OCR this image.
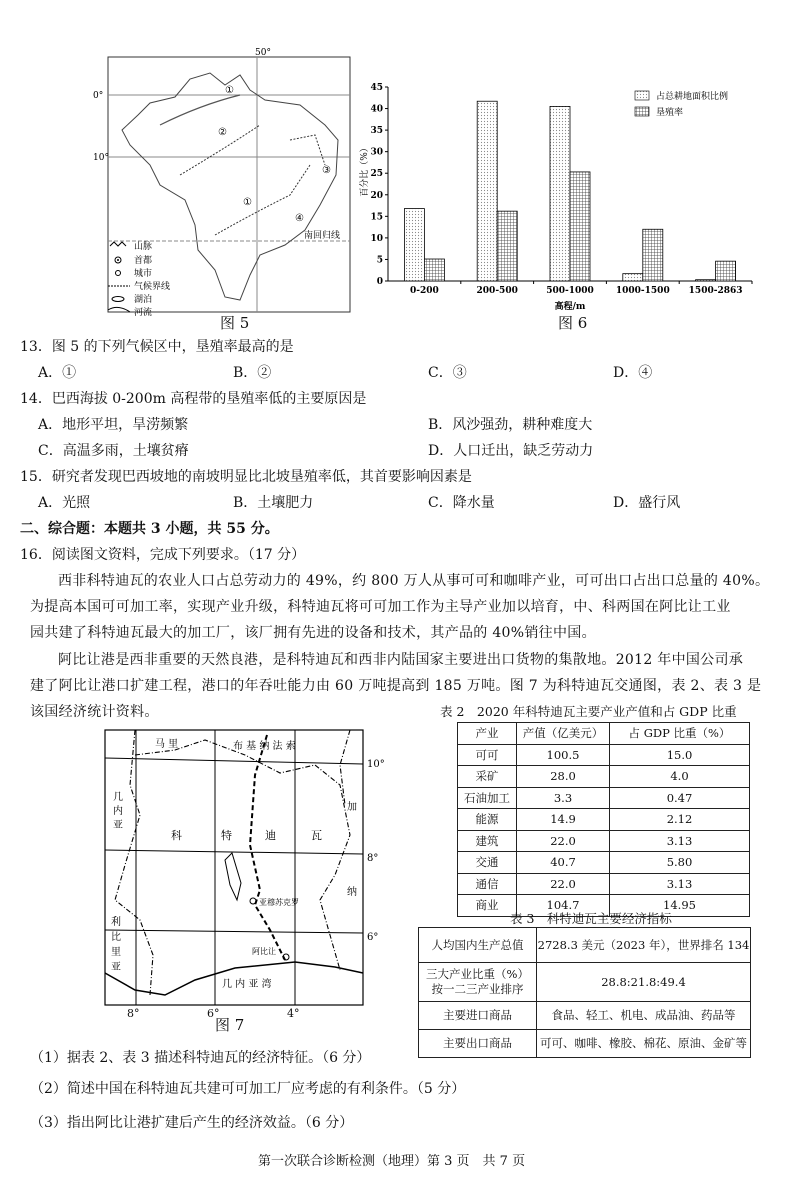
50°
0°
10°
南回归线
①
②
③
①
④
山脉
首都
城市
气候界线
湖泊
河流
图 5
0
5
10
15
20
25
30
35
40
45
0-200	200-500	500-1000 1000-1500 1500-2863
百分比（%）
高程/m
占总耕地面积比例
垦殖率
图 6
13．图 5 的下列气候区中，垦殖率最高的是
A．①	B．②	C．③	D．④
14．巴西海拔 0-200m 高程带的垦殖率低的主要原因是
A．地形平坦，旱涝频繁	B．风沙强劲，耕种难度大
C．高温多雨，土壤贫瘠	D．人口迁出，缺乏劳动力
15．研究者发现巴西坡地的南坡明显比北坡垦殖率低，其首要影响因素是
A．光照	B．土壤肥力	C．降水量	D．盛行风
二、综合题：本题共 3 小题，共 55 分。
16．阅读图文资料，完成下列要求。（17 分）
西非科特迪瓦的农业人口占总劳动力的 49%，约 800 万人从事可可和咖啡产业，可可出口占出口总量的 40%。
为提高本国可可加工率，实现产业升级，科特迪瓦将可可加工作为主导产业加以培育，中、科两国在阿比让工业
园共建了科特迪瓦最大的加工厂，该厂拥有先进的设备和技术，其产品的 40%销往中国。
阿比让港是西非重要的天然良港，是科特迪瓦和西非内陆国家主要进出口货物的集散地。2012 年中国公司承
建了阿比让港口扩建工程，港口的年吞吐能力由 60 万吨提高到 185 万吨。图 7 为科特迪瓦交通图，表 2、表 3 是
该国经济统计资料。
马 里	布 基 纳 法 索
几
内
亚
科	特	迪	瓦
加
纳
利
比
里
亚
几 内 亚 湾
亚穆苏克罗
阿比让
10°
8°
6°
8°	6°	4°
图 7
表 2　2020 年科特迪瓦主要产业产值和占 GDP 比重
产业	产值（亿美元）	占 GDP 比重（%）
可可	100.5	15.0
采矿	28.0	4.0
石油加工	3.3	0.47
能源	14.9	2.12
建筑	22.0	3.13
交通	40.7	5.80
通信	22.0	3.13
商业	104.7	14.95
表 3　科特迪瓦主要经济指标
人均国内生产总值	2728.3 美元（2023 年），世界排名 134
三大产业比重（%）
按一二三产业排序	28.8:21.8:49.4
主要进口商品	食品、轻工、机电、成品油、药品等
主要出口商品	可可、咖啡、橡胶、棉花、原油、金矿等
（1）据表 2、表 3 描述科特迪瓦的经济特征。（6 分）
（2）简述中国在科特迪瓦共建可可加工厂应考虑的有利条件。（5 分）
（3）指出阿比让港扩建后产生的经济效益。（6 分）
第一次联合诊断检测（地理）第 3 页　共 7 页
